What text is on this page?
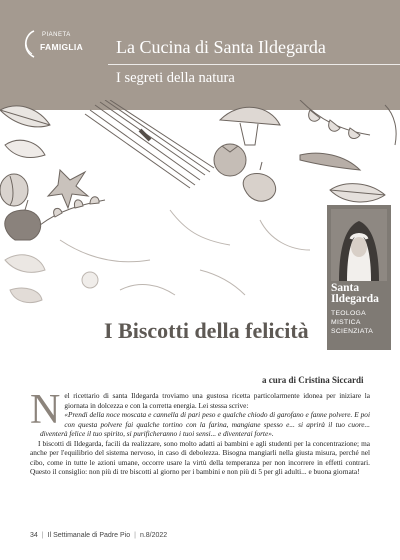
PIANETA
FAMIGLIA La Cucina di Santa Ildegarda
I segreti della natura
Santa
Ildegarda
TEOLOGA
MISTICA
SCIENZIATA
I Biscotti della felicità
a cura di Cristina Siccardi

Nel ricettario di santa Ildegarda troviamo una gustosa ricetta particolarmente idonea per iniziare la giornata in dolcezza e con la corretta energia. Lei stessa scrive:

«Prendi della noce moscata e cannella di pari peso e qualche chiodo di garofano e fanne polvere. E poi con questa polvere fai qualche tortino con la farina, mangiane spesso e... si aprirà il tuo cuore... diventerà felice il tuo spirito, si purificheranno i tuoi sensi... e diventerai forte».

I biscotti di Ildegarda, facili da realizzare, sono molto adatti ai bambini e agli studenti per la concentrazione; ma anche per l'equilibrio del sistema nervoso, in caso di debolezza. Bisogna mangiarli nella giusta misura, perché nel cibo, come in tutte le azioni umane, occorre usare la virtù della temperanza per non incorrere in effetti contrari. Questo il consiglio: non più di tre biscotti al giorno per i bambini e non più di 5 per gli adulti... e buona giornata!

34 | Il Settimanale di Padre Pio | n.8/2022
